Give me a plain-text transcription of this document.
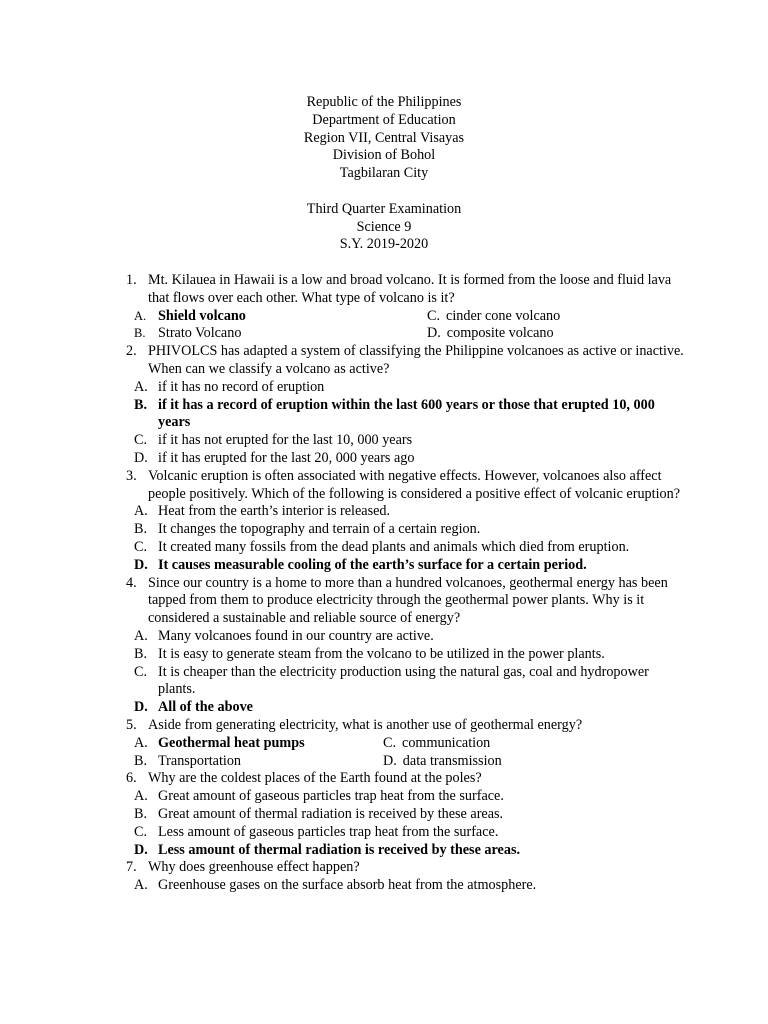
Republic of the Philippines
Department of Education
Region VII, Central Visayas
Division of Bohol
Tagbilaran City
Third Quarter Examination
Science 9
S.Y. 2019-2020
1. Mt. Kilauea in Hawaii is a low and broad volcano. It is formed from the loose and fluid lava that flows over each other. What type of volcano is it?
A. Shield volcano	C. cinder cone volcano
B. Strato Volcano	D. composite volcano
2. PHIVOLCS has adapted a system of classifying the Philippine volcanoes as active or inactive. When can we classify a volcano as active?
A. if it has no record of eruption
B. if it has a record of eruption within the last 600 years or those that erupted 10, 000 years
C. if it has not erupted for the last 10, 000 years
D. if it has erupted for the last 20, 000 years ago
3. Volcanic eruption is often associated with negative effects. However, volcanoes also affect people positively. Which of the following is considered a positive effect of volcanic eruption?
A. Heat from the earth’s interior is released.
B. It changes the topography and terrain of a certain region.
C. It created many fossils from the dead plants and animals which died from eruption.
D. It causes measurable cooling of the earth’s surface for a certain period.
4. Since our country is a home to more than a hundred volcanoes, geothermal energy has been tapped from them to produce electricity through the geothermal power plants. Why is it considered a sustainable and reliable source of energy?
A. Many volcanoes found in our country are active.
B. It is easy to generate steam from the volcano to be utilized in the power plants.
C. It is cheaper than the electricity production using the natural gas, coal and hydropower plants.
D. All of the above
5. Aside from generating electricity, what is another use of geothermal energy?
A. Geothermal heat pumps	C. communication
B. Transportation	D. data transmission
6. Why are the coldest places of the Earth found at the poles?
A. Great amount of gaseous particles trap heat from the surface.
B. Great amount of thermal radiation is received by these areas.
C. Less amount of gaseous particles trap heat from the surface.
D. Less amount of thermal radiation is received by these areas.
7. Why does greenhouse effect happen?
A. Greenhouse gases on the surface absorb heat from the atmosphere.
